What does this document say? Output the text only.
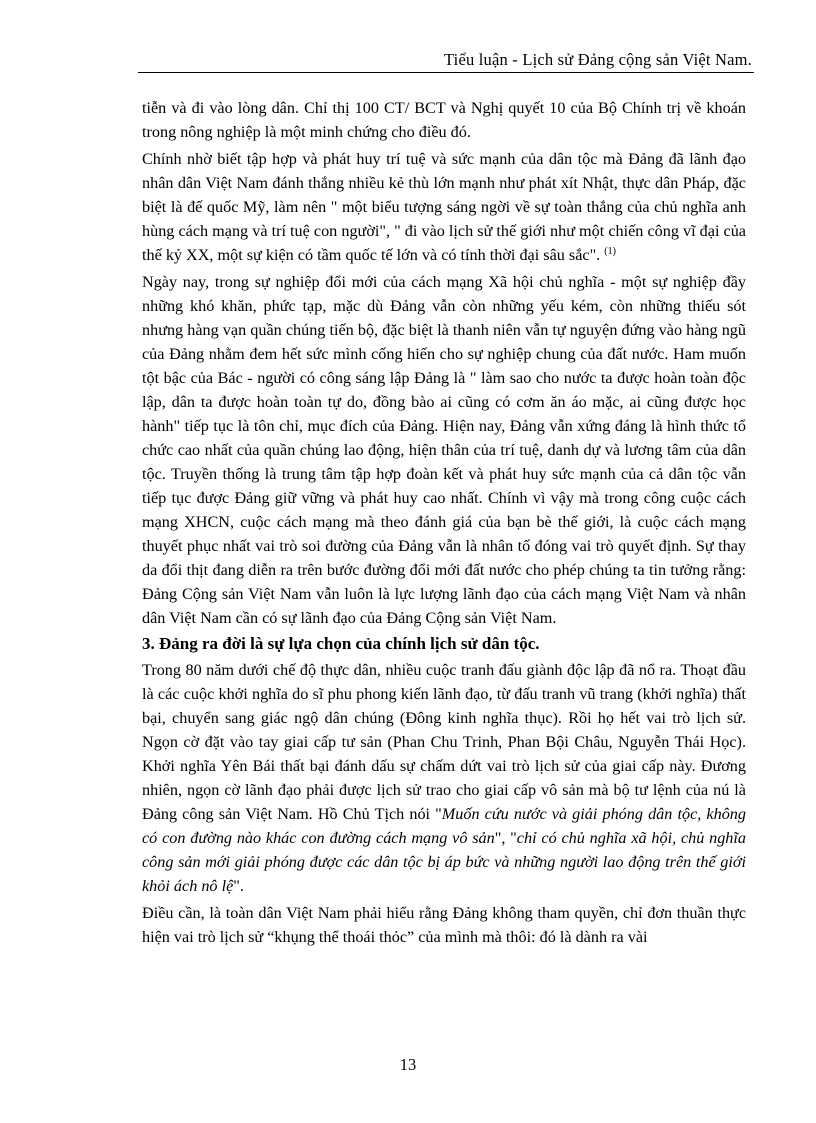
Tiểu luận - Lịch sử Đảng cộng sản Việt Nam.

tiễn và đi vào lòng dân. Chỉ thị 100 CT/ BCT và Nghị quyết 10 của Bộ Chính trị về khoán trong nông nghiệp là một minh chứng cho điều đó.

Chính nhờ biết tập hợp và phát huy trí tuệ và sức mạnh của dân tộc mà Đảng đã lãnh đạo nhân dân Việt Nam đánh thắng nhiều kẻ thù lớn mạnh như phát xít Nhật, thực dân Pháp, đặc biệt là đế quốc Mỹ, làm nên " một biểu tượng sáng ngời về sự toàn thắng của chủ nghĩa anh hùng cách mạng và trí tuệ con người", " đi vào lịch sử thế giới như một chiến công vĩ đại của thế kỷ XX, một sự kiện có tầm quốc tế lớn và có tính thời đại sâu sắc". $^{(1)}$

Ngày nay, trong sự nghiệp đổi mới của cách mạng Xã hội chủ nghĩa - một sự nghiệp đầy những khó khăn, phức tạp, mặc dù Đảng vẫn còn những yếu kém, còn những thiếu sót nhưng hàng vạn quần chúng tiến bộ, đặc biệt là thanh niên vẫn tự nguyện đứng vào hàng ngũ của Đảng nhằm đem hết sức mình cống hiến cho sự nghiệp chung của đất nước. Ham muốn tột bậc của Bác - người có công sáng lập Đảng là " làm sao cho nước ta được hoàn toàn độc lập, dân ta được hoàn toàn tự do, đồng bào ai cũng có cơm ăn áo mặc, ai cũng được học hành" tiếp tục là tôn chỉ, mục đích của Đảng. Hiện nay, Đảng vẫn xứng đáng là hình thức tổ chức cao nhất của quần chúng lao động, hiện thân của trí tuệ, danh dự và lương tâm của dân tộc. Truyền thống là trung tâm tập hợp đoàn kết và phát huy sức mạnh của cả dân tộc vẫn tiếp tục được Đảng giữ vững và phát huy cao nhất. Chính vì vậy mà trong công cuộc cách mạng XHCN, cuộc cách mạng mà theo đánh giá của bạn bè thế giới, là cuộc cách mạng thuyết phục nhất vai trò soi đường của Đảng vẫn là nhân tố đóng vai trò quyết định. Sự thay da đổi thịt đang diễn ra trên bước đường đổi mới đất nước cho phép chúng ta tin tưởng rằng: Đảng Cộng sản Việt Nam vẫn luôn là lực lượng lãnh đạo của cách mạng Việt Nam và nhân dân Việt Nam cần có sự lãnh đạo của Đảng Cộng sản Việt Nam.

3. Đảng ra đời là sự lựa chọn của chính lịch sử dân tộc.

Trong 80 năm dưới chế độ thực dân, nhiều cuộc tranh đấu giành độc lập đã nổ ra. Thoạt đầu là các cuộc khởi nghĩa do sĩ phu phong kiến lãnh đạo, từ đấu tranh vũ trang (khởi nghĩa) thất bại, chuyển sang giác ngộ dân chúng (Đông kinh nghĩa thục). Rồi họ hết vai trò lịch sử. Ngọn cờ đặt vào tay giai cấp tư sản (Phan Chu Trinh, Phan Bội Châu, Nguyễn Thái Học). Khởi nghĩa Yên Bái thất bại đánh dấu sự chấm dứt vai trò lịch sử của giai cấp này. Đương nhiên, ngọn cờ lãnh đạo phải được lịch sử trao cho giai cấp vô sản mà bộ tư lệnh của nú là Đảng công sản Việt Nam. Hồ Chủ Tịch nói "Muốn cứu nước và giải phóng dân tộc, không có con đường nào khác con đường cách mạng vô sản", "chỉ có chủ nghĩa xã hội, chủ nghĩa công sản mới giải phóng được các dân tộc bị áp bức và những người lao động trên thế giới khỏi ách nô lệ".

Điều cần, là toàn dân Việt Nam phải hiểu rằng Đảng không tham quyền, chỉ đơn thuần thực hiện vai trò lịch sử “khụng thể thoái thỏc” của mình mà thôi: đó là dành ra vài

13
